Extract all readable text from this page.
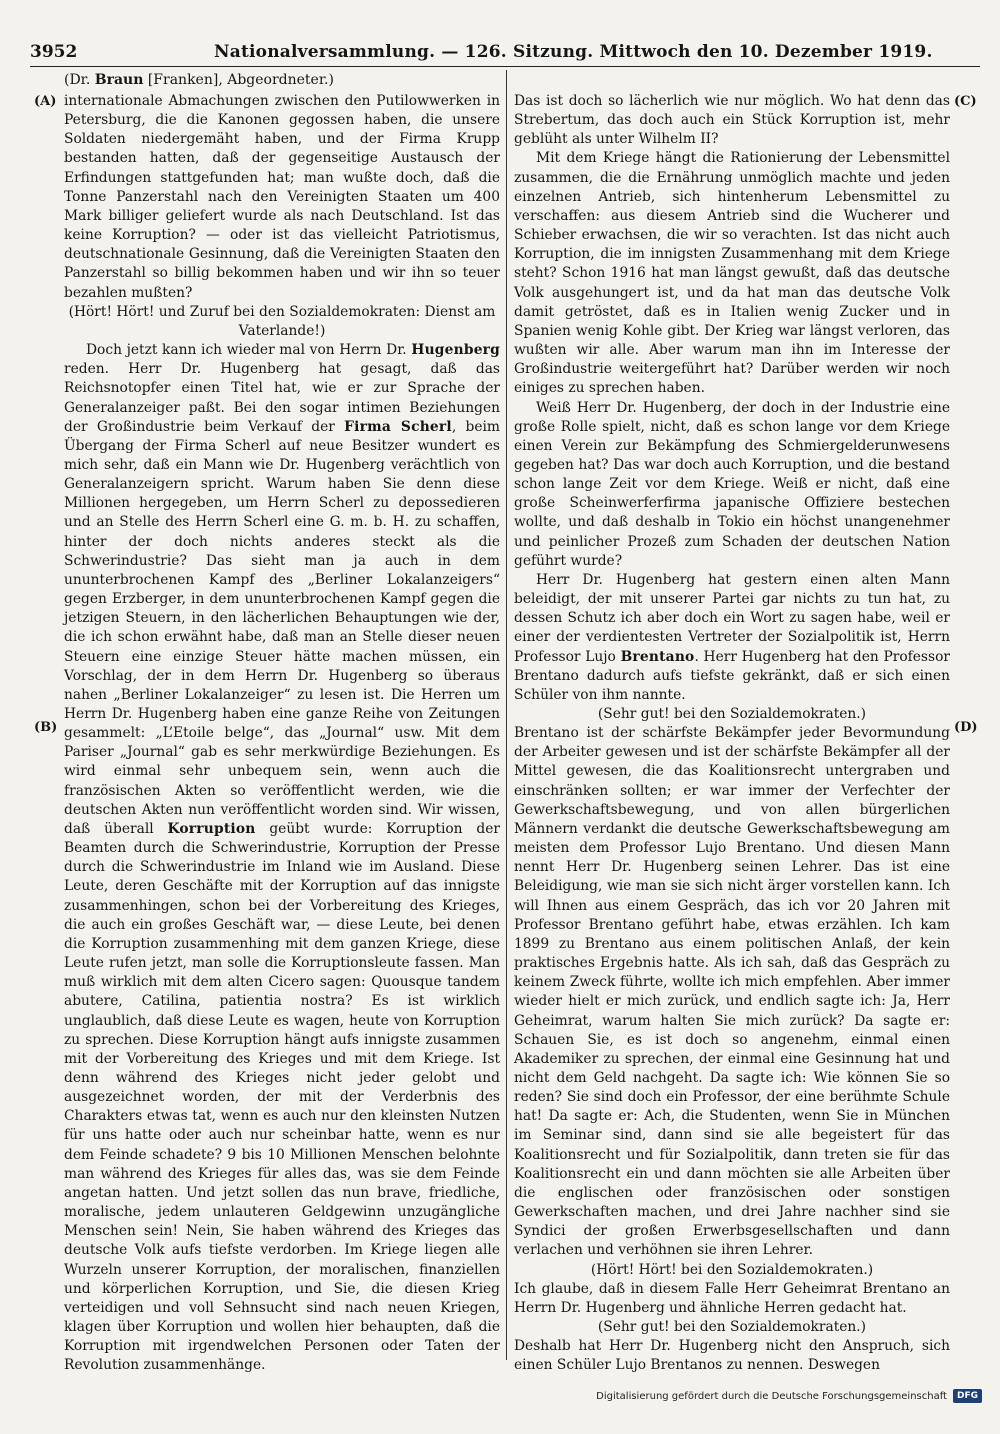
3952	Nationalversammlung. — 126. Sitzung. Mittwoch den 10. Dezember 1919.
(Dr. Braun [Franken], Abgeordneter.)
(A)
(B)
(C)
(D)

internationale Abmachungen zwischen den Putilowwerken in Petersburg, die die Kanonen gegossen haben, die unsere Soldaten niedergemäht haben, und der Firma Krupp bestanden hatten, daß der gegenseitige Austausch der Erfindungen stattgefunden hat; man wußte doch, daß die Tonne Panzerstahl nach den Vereinigten Staaten um 400 Mark billiger geliefert wurde als nach Deutschland. Ist das keine Korruption? — oder ist das vielleicht Patriotismus, deutschnationale Gesinnung, daß die Vereinigten Staaten den Panzerstahl so billig bekommen haben und wir ihn so teuer bezahlen mußten?

(Hört! Hört! und Zuruf bei den Sozialdemokraten: Dienst am Vaterlande!)

Doch jetzt kann ich wieder mal von Herrn Dr. Hugenberg reden. Herr Dr. Hugenberg hat gesagt, daß das Reichsnotopfer einen Titel hat, wie er zur Sprache der Generalanzeiger paßt. Bei den sogar intimen Beziehungen der Großindustrie beim Verkauf der Firma Scherl, beim Übergang der Firma Scherl auf neue Besitzer wundert es mich sehr, daß ein Mann wie Dr. Hugenberg verächtlich von Generalanzeigern spricht. Warum haben Sie denn diese Millionen hergegeben, um Herrn Scherl zu depossedieren und an Stelle des Herrn Scherl eine G. m. b. H. zu schaffen, hinter der doch nichts anderes steckt als die Schwerindustrie? Das sieht man ja auch in dem ununterbrochenen Kampf des „Berliner Lokalanzeigers“ gegen Erzberger, in dem ununterbrochenen Kampf gegen die jetzigen Steuern, in den lächerlichen Behauptungen wie der, die ich schon erwähnt habe, daß man an Stelle dieser neuen Steuern eine einzige Steuer hätte machen müssen, ein Vorschlag, der in dem Herrn Dr. Hugenberg so überaus nahen „Berliner Lokalanzeiger“ zu lesen ist. Die Herren um Herrn Dr. Hugenberg haben eine ganze Reihe von Zeitungen gesammelt: „L’Etoile belge“, das „Journal“ usw. Mit dem Pariser „Journal“ gab es sehr merkwürdige Beziehungen. Es wird einmal sehr unbequem sein, wenn auch die französischen Akten so veröffentlicht werden, wie die deutschen Akten nun veröffentlicht worden sind. Wir wissen, daß überall Korruption geübt wurde: Korruption der Beamten durch die Schwerindustrie, Korruption der Presse durch die Schwerindustrie im Inland wie im Ausland. Diese Leute, deren Geschäfte mit der Korruption auf das innigste zusammenhingen, schon bei der Vorbereitung des Krieges, die auch ein großes Geschäft war, — diese Leute, bei denen die Korruption zusammenhing mit dem ganzen Kriege, diese Leute rufen jetzt, man solle die Korruptionsleute fassen. Man muß wirklich mit dem alten Cicero sagen: Quousque tandem abutere, Catilina, patientia nostra? Es ist wirklich unglaublich, daß diese Leute es wagen, heute von Korruption zu sprechen. Diese Korruption hängt aufs innigste zusammen mit der Vorbereitung des Krieges und mit dem Kriege. Ist denn während des Krieges nicht jeder gelobt und ausgezeichnet worden, der mit der Verderbnis des Charakters etwas tat, wenn es auch nur den kleinsten Nutzen für uns hatte oder auch nur scheinbar hatte, wenn es nur dem Feinde schadete? 9 bis 10 Millionen Menschen belohnte man während des Krieges für alles das, was sie dem Feinde angetan hatten. Und jetzt sollen das nun brave, friedliche, moralische, jedem unlauteren Geldgewinn unzugängliche Menschen sein! Nein, Sie haben während des Krieges das deutsche Volk aufs tiefste verdorben. Im Kriege liegen alle Wurzeln unserer Korruption, der moralischen, finanziellen und körperlichen Korruption, und Sie, die diesen Krieg verteidigen und voll Sehnsucht sind nach neuen Kriegen, klagen über Korruption und wollen hier behaupten, daß die Korruption mit irgendwelchen Personen oder Taten der Revolution zusammenhänge.

Das ist doch so lächerlich wie nur möglich. Wo hat denn das Strebertum, das doch auch ein Stück Korruption ist, mehr geblüht als unter Wilhelm II?

Mit dem Kriege hängt die Rationierung der Lebensmittel zusammen, die die Ernährung unmöglich machte und jeden einzelnen Antrieb, sich hintenherum Lebensmittel zu verschaffen: aus diesem Antrieb sind die Wucherer und Schieber erwachsen, die wir so verachten. Ist das nicht auch Korruption, die im innigsten Zusammenhang mit dem Kriege steht? Schon 1916 hat man längst gewußt, daß das deutsche Volk ausgehungert ist, und da hat man das deutsche Volk damit getröstet, daß es in Italien wenig Zucker und in Spanien wenig Kohle gibt. Der Krieg war längst verloren, das wußten wir alle. Aber warum man ihn im Interesse der Großindustrie weitergeführt hat? Darüber werden wir noch einiges zu sprechen haben.

Weiß Herr Dr. Hugenberg, der doch in der Industrie eine große Rolle spielt, nicht, daß es schon lange vor dem Kriege einen Verein zur Bekämpfung des Schmiergelderunwesens gegeben hat? Das war doch auch Korruption, und die bestand schon lange Zeit vor dem Kriege. Weiß er nicht, daß eine große Scheinwerferfirma japanische Offiziere bestechen wollte, und daß deshalb in Tokio ein höchst unangenehmer und peinlicher Prozeß zum Schaden der deutschen Nation geführt wurde?

Herr Dr. Hugenberg hat gestern einen alten Mann beleidigt, der mit unserer Partei gar nichts zu tun hat, zu dessen Schutz ich aber doch ein Wort zu sagen habe, weil er einer der verdientesten Vertreter der Sozialpolitik ist, Herrn Professor Lujo Brentano. Herr Hugenberg hat den Professor Brentano dadurch aufs tiefste gekränkt, daß er sich einen Schüler von ihm nannte.

(Sehr gut! bei den Sozialdemokraten.)

Brentano ist der schärfste Bekämpfer jeder Bevormundung der Arbeiter gewesen und ist der schärfste Bekämpfer all der Mittel gewesen, die das Koalitionsrecht untergraben und einschränken sollten; er war immer der Verfechter der Gewerkschaftsbewegung, und von allen bürgerlichen Männern verdankt die deutsche Gewerkschaftsbewegung am meisten dem Professor Lujo Brentano. Und diesen Mann nennt Herr Dr. Hugenberg seinen Lehrer. Das ist eine Beleidigung, wie man sie sich nicht ärger vorstellen kann. Ich will Ihnen aus einem Gespräch, das ich vor 20 Jahren mit Professor Brentano geführt habe, etwas erzählen. Ich kam 1899 zu Brentano aus einem politischen Anlaß, der kein praktisches Ergebnis hatte. Als ich sah, daß das Gespräch zu keinem Zweck führte, wollte ich mich empfehlen. Aber immer wieder hielt er mich zurück, und endlich sagte ich: Ja, Herr Geheimrat, warum halten Sie mich zurück? Da sagte er: Schauen Sie, es ist doch so angenehm, einmal einen Akademiker zu sprechen, der einmal eine Gesinnung hat und nicht dem Geld nachgeht. Da sagte ich: Wie können Sie so reden? Sie sind doch ein Professor, der eine berühmte Schule hat! Da sagte er: Ach, die Studenten, wenn Sie in München im Seminar sind, dann sind sie alle begeistert für das Koalitionsrecht und für Sozialpolitik, dann treten sie für das Koalitionsrecht ein und dann möchten sie alle Arbeiten über die englischen oder französischen oder sonstigen Gewerkschaften machen, und drei Jahre nachher sind sie Syndici der großen Erwerbsgesellschaften und dann verlachen und verhöhnen sie ihren Lehrer.

(Hört! Hört! bei den Sozialdemokraten.)

Ich glaube, daß in diesem Falle Herr Geheimrat Brentano an Herrn Dr. Hugenberg und ähnliche Herren gedacht hat.

(Sehr gut! bei den Sozialdemokraten.)

Deshalb hat Herr Dr. Hugenberg nicht den Anspruch, sich einen Schüler Lujo Brentanos zu nennen. Deswegen

Digitalisierung gefördert durch die Deutsche Forschungsgemeinschaft	DFG
